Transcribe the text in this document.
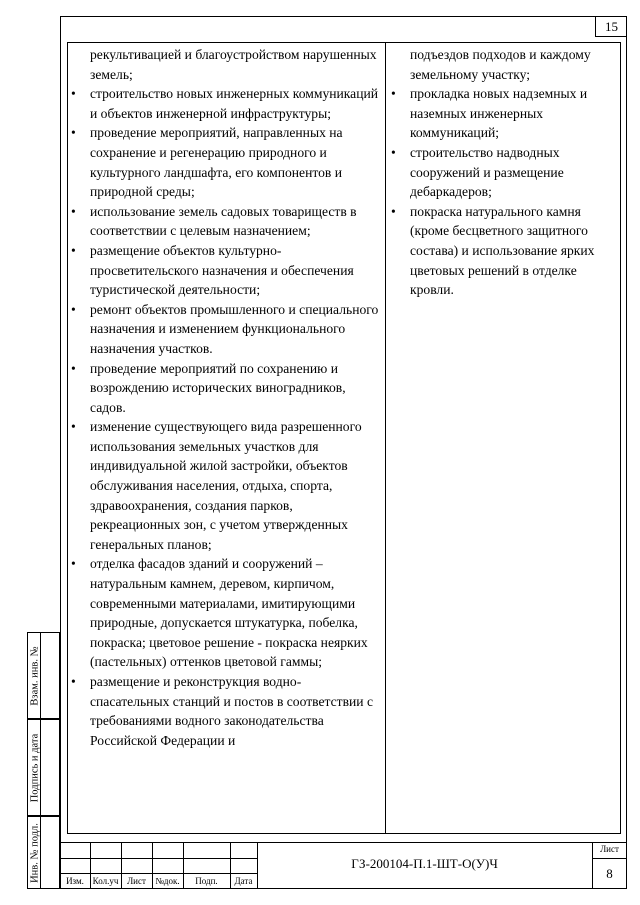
15

рекультивацией и благоустройством нарушенных земель;

• строительство новых инженерных коммуникаций и объектов инженерной инфраструктуры;
• проведение мероприятий, направленных на сохранение и регенерацию природного и культурного ландшафта, его компонентов и природной среды;
• использование земель садовых товариществ в соответствии с целевым назначением;
• размещение объектов культурно-просветительского назначения и обеспечения туристической деятельности;
• ремонт объектов промышленного и специального назначения и изменением функционального назначения участков.
• проведение мероприятий по сохранению и возрождению исторических виноградников, садов.
• изменение существующего вида разрешенного использования земельных участков для индивидуальной жилой застройки, объектов обслуживания населения, отдыха, спорта, здравоохранения, создания парков, рекреационных зон, с учетом утвержденных генеральных планов;
• отделка фасадов зданий и сооружений – натуральным камнем, деревом, кирпичом, современными материалами, имитирующими природные, допускается штукатурка, побелка, покраска; цветовое решение - покраска неярких (пастельных) оттенков цветовой гаммы;
• размещение и реконструкция водно-спасательных станций и постов в соответствии с требованиями водного законодательства Российской Федерации и

подъездов подходов и каждому земельному участку;

• прокладка новых надземных и наземных инженерных коммуникаций;
• строительство надводных сооружений и размещение дебаркадеров;
• покраска натурального камня (кроме бесцветного защитного состава) и использование ярких цветовых решений в отделке кровли.
Взам. инв. №
Подпись и дата
Инв. № подл.	Изм. Кол.уч Лист	№док.	Подп.	Дата
ГЗ-200104-П.1-ШТ-О(У)Ч
Лист
8
